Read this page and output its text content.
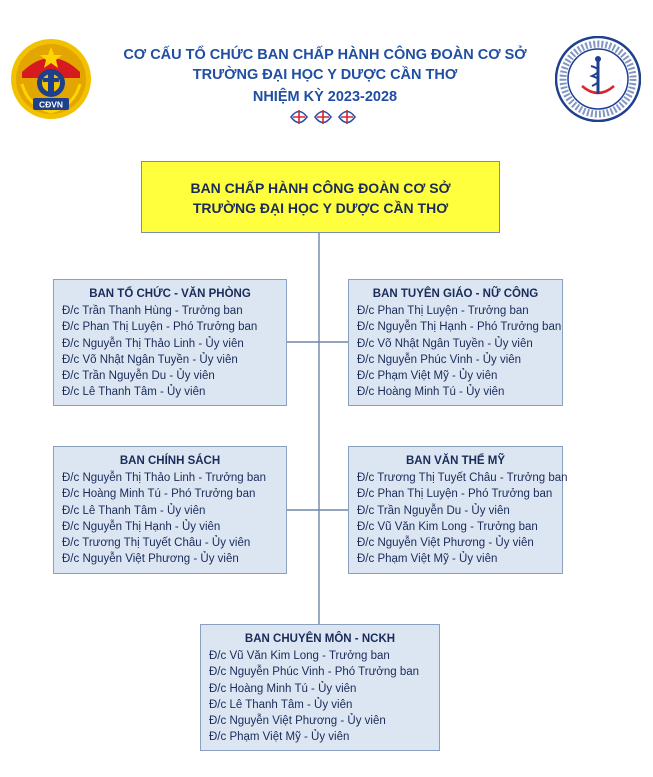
CĐVN
CƠ CẤU TỔ CHỨC BAN CHẤP HÀNH CÔNG ĐOÀN CƠ SỞ
TRƯỜNG ĐẠI HỌC Y DƯỢC CẦN THƠ
NHIỆM KỲ 2023-2028
BAN CHẤP HÀNH CÔNG ĐOÀN CƠ SỞ
TRƯỜNG ĐẠI HỌC Y DƯỢC CẦN THƠ
BAN TỔ CHỨC - VĂN PHÒNG
Đ/c Trần Thanh Hùng - Trưởng ban
Đ/c Phan Thị Luyện - Phó Trưởng ban
Đ/c Nguyễn Thị Thảo Linh - Ủy viên
Đ/c Võ Nhật Ngân Tuyền - Ủy viên
Đ/c Trần Nguyễn Du - Ủy viên
Đ/c Lê Thanh Tâm - Ủy viên
BAN TUYÊN GIÁO - NỮ CÔNG
Đ/c Phan Thị Luyện - Trưởng ban
Đ/c Nguyễn Thị Hạnh - Phó Trưởng ban
Đ/c Võ Nhật Ngân Tuyền - Ủy viên
Đ/c Nguyễn Phúc Vinh - Ủy viên
Đ/c Phạm Việt Mỹ - Ủy viên
Đ/c Hoàng Minh Tú - Ủy viên
BAN CHÍNH SÁCH
Đ/c Nguyễn Thị Thảo Linh - Trưởng ban
Đ/c Hoàng Minh Tú - Phó Trưởng ban
Đ/c Lê Thanh Tâm - Ủy viên
Đ/c Nguyễn Thị Hạnh - Ủy viên
Đ/c Trương Thị Tuyết Châu - Ủy viên
Đ/c Nguyễn Việt Phương - Ủy viên
BAN VĂN THỂ MỸ
Đ/c Trương Thị Tuyết Châu - Trưởng ban
Đ/c Phan Thị Luyện - Phó Trưởng ban
Đ/c Trần Nguyễn Du - Ủy viên
Đ/c Vũ Văn Kim Long - Trưởng ban
Đ/c Nguyễn Việt Phương - Ủy viên
Đ/c Phạm Việt Mỹ - Ủy viên
BAN CHUYÊN MÔN - NCKH
Đ/c Vũ Văn Kim Long - Trưởng ban
Đ/c Nguyễn Phúc Vinh - Phó Trưởng ban
Đ/c Hoàng Minh Tú - Ủy viên
Đ/c Lê Thanh Tâm - Ủy viên
Đ/c Nguyễn Việt Phương - Ủy viên
Đ/c Phạm Việt Mỹ - Ủy viên
